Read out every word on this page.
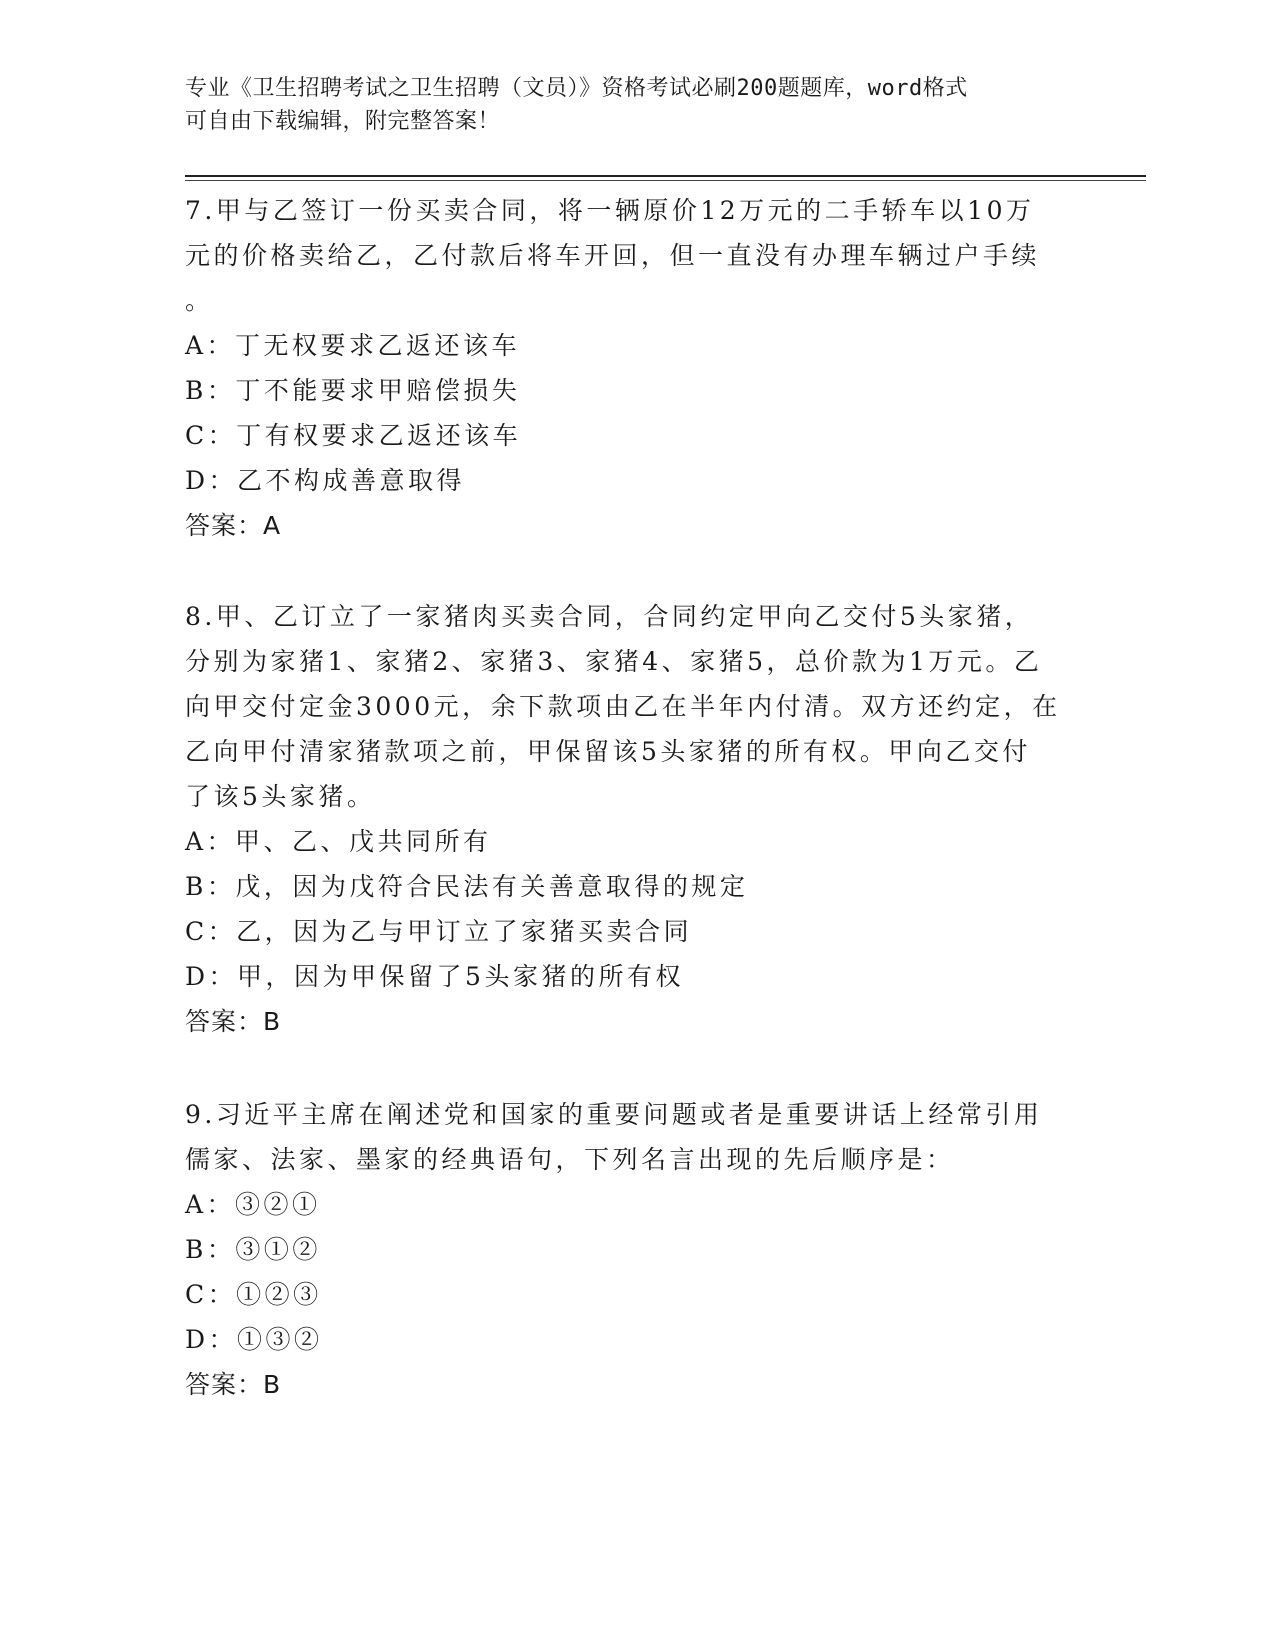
专业《卫生招聘考试之卫生招聘（文员）》资格考试必刷200题题库，word格式
可自由下载编辑，附完整答案！
7.甲与乙签订一份买卖合同，将一辆原价12万元的二手轿车以10万
元的价格卖给乙，乙付款后将车开回，但一直没有办理车辆过户手续
。
A：丁无权要求乙返还该车
B：丁不能要求甲赔偿损失
C：丁有权要求乙返还该车
D：乙不构成善意取得
答案：A
8.甲、乙订立了一家猪肉买卖合同，合同约定甲向乙交付5头家猪，
分别为家猪1、家猪2、家猪3、家猪4、家猪5，总价款为1万元。乙
向甲交付定金3000元，余下款项由乙在半年内付清。双方还约定，在
乙向甲付清家猪款项之前，甲保留该5头家猪的所有权。甲向乙交付
了该5头家猪。
A：甲、乙、戊共同所有
B：戊，因为戊符合民法有关善意取得的规定
C：乙，因为乙与甲订立了家猪买卖合同
D：甲，因为甲保留了5头家猪的所有权
答案：B
9.习近平主席在阐述党和国家的重要问题或者是重要讲话上经常引用
儒家、法家、墨家的经典语句，下列名言出现的先后顺序是：
A：③②①
B：③①②
C：①②③
D：①③②
答案：B
